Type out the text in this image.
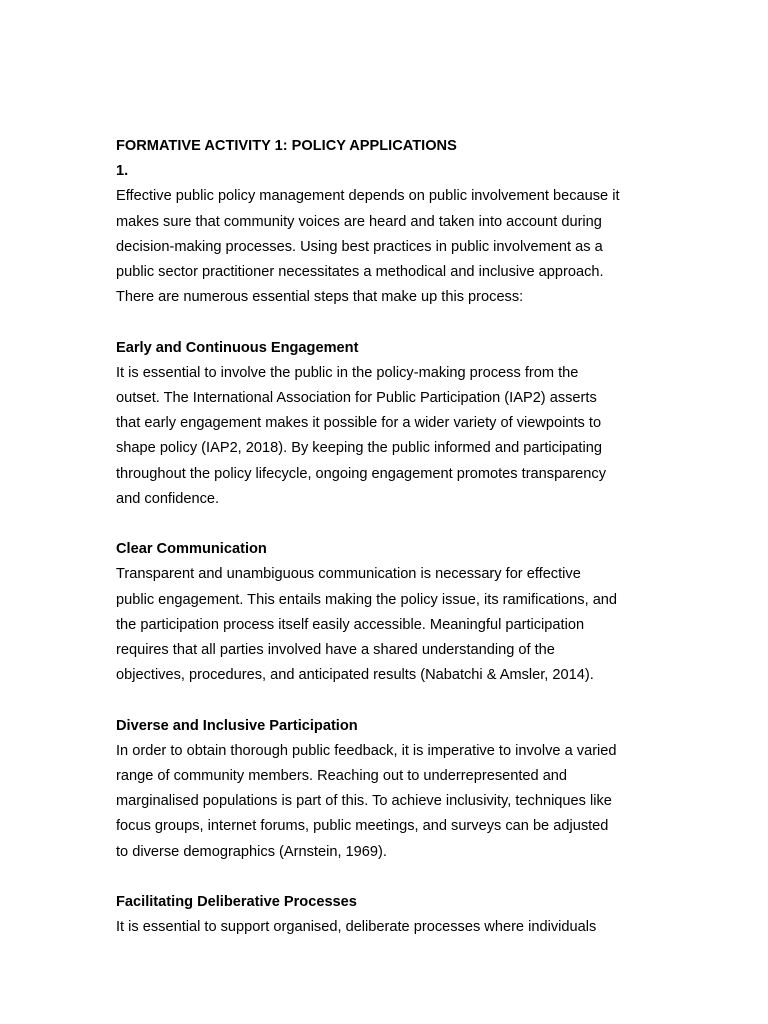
FORMATIVE ACTIVITY 1: POLICY APPLICATIONS
1.

Effective public policy management depends on public involvement because it
makes sure that community voices are heard and taken into account during
decision-making processes. Using best practices in public involvement as a
public sector practitioner necessitates a methodical and inclusive approach.
There are numerous essential steps that make up this process:

Early and Continuous Engagement

It is essential to involve the public in the policy-making process from the
outset. The International Association for Public Participation (IAP2) asserts
that early engagement makes it possible for a wider variety of viewpoints to
shape policy (IAP2, 2018). By keeping the public informed and participating
throughout the policy lifecycle, ongoing engagement promotes transparency
and confidence.

Clear Communication

Transparent and unambiguous communication is necessary for effective
public engagement. This entails making the policy issue, its ramifications, and
the participation process itself easily accessible. Meaningful participation
requires that all parties involved have a shared understanding of the
objectives, procedures, and anticipated results (Nabatchi & Amsler, 2014).

Diverse and Inclusive Participation

In order to obtain thorough public feedback, it is imperative to involve a varied
range of community members. Reaching out to underrepresented and
marginalised populations is part of this. To achieve inclusivity, techniques like
focus groups, internet forums, public meetings, and surveys can be adjusted
to diverse demographics (Arnstein, 1969).

Facilitating Deliberative Processes

It is essential to support organised, deliberate processes where individuals
